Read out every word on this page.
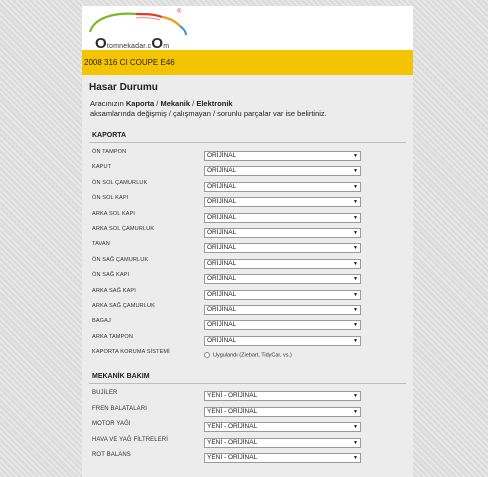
®
Otomnekadar.cOm
2008 316 CI COUPE E46
Hasar Durumu
Aracınızın Kaporta / Mekanik / Elektronik
aksamlarında değişmiş / çalışmayan / sorunlu parçalar var ise belirtiniz.
KAPORTA
ÖN TAMPON	ORİJİNAL	▼
KAPUT	ORİJİNAL	▼
ÖN SOL ÇAMURLUK	ORİJİNAL	▼
ÖN SOL KAPI	ORİJİNAL	▼
ARKA SOL KAPI	ORİJİNAL	▼
ARKA SOL ÇAMURLUK	ORİJİNAL	▼
TAVAN	ORİJİNAL	▼
ÖN SAĞ ÇAMURLUK	ORİJİNAL	▼
ÖN SAĞ KAPI	ORİJİNAL	▼
ARKA SAĞ KAPI	ORİJİNAL	▼
ARKA SAĞ ÇAMURLUK	ORİJİNAL	▼
BAGAJ	ORİJİNAL	▼
ARKA TAMPON	ORİJİNAL	▼
KAPORTA KORUMA SİSTEMİ
Uygulandı (Ziebart, TidyCar, vs.)
MEKANİK BAKIM
BUJİLER	YENİ - ORİJİNAL	▼
FREN BALATALARI	YENİ - ORİJİNAL	▼
MOTOR YAĞI	YENİ - ORİJİNAL	▼
HAVA VE YAĞ FİLTRELERİ	YENİ - ORİJİNAL	▼
ROT BALANS	YENİ - ORİJİNAL	▼
